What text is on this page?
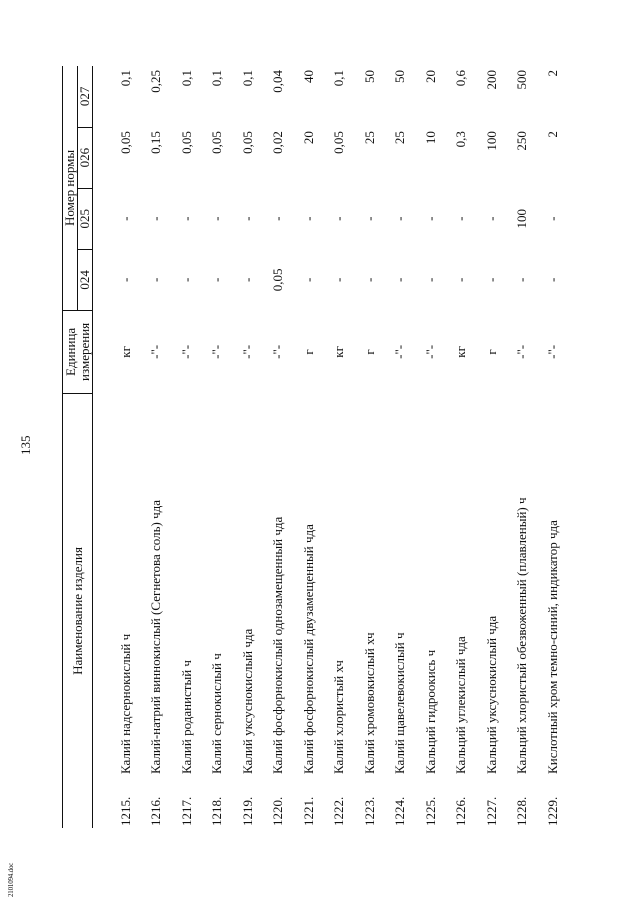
135
2101094.doc
Наименование изделия		Единица измерения	Номер нормы			
			024	025	026	027
1215.	Калий надсернокислый ч	кг	-	-	0,05	0,1
1216.	Калий-натрий виннокислый (Сегнетова соль) чда	-"-	-	-	0,15	0,25
1217.	Калий роданистый ч	-"-	-	-	0,05	0,1
1218.	Калий сернокислый ч	-"-	-	-	0,05	0,1
1219.	Калий уксуснокислый чда	-"-	-	-	0,05	0,1
1220.	Калий фосфорнокислый однозамещенный чда	-"-	0,05	-	0,02	0,04
1221.	Калий фосфорнокислый двузамещенный чда	г	-	-	20	40
1222.	Калий хлористый хч	кг	-	-	0,05	0,1
1223.	Калий хромовокислый хч	г	-	-	25	50
1224.	Калий щавелевокислый ч	-"-	-	-	25	50
1225.	Кальций гидроокись ч	-"-	-	-	10	20
1226.	Кальций углекислый чда	кг	-	-	0,3	0,6
1227.	Кальций уксуснокислый чда	г	-	-	100	200
1228.	Кальций хлористый обезвоженный (плавленый) ч	-"-	-	100	250	500
1229.	Кислотный хром темно-синий, индикатор чда	-"-	-	-	2	2
